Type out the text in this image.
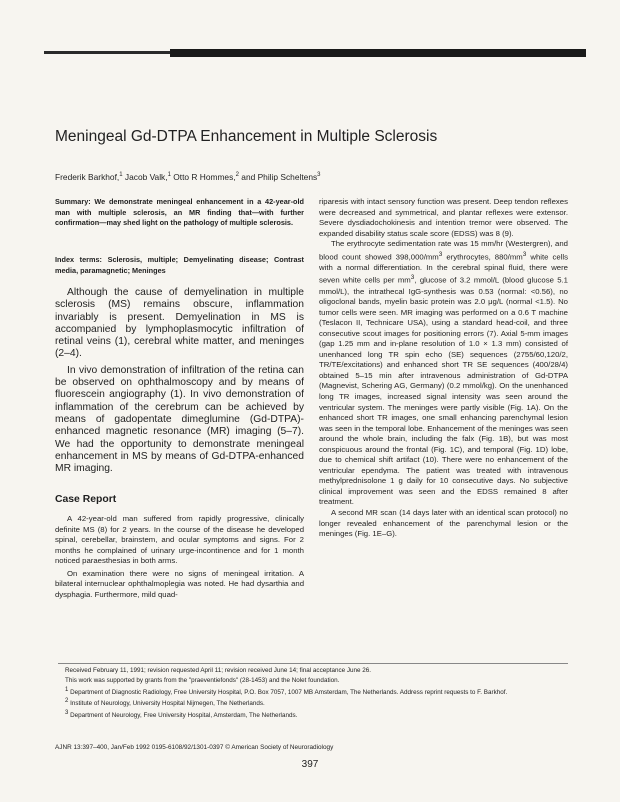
Meningeal Gd-DTPA Enhancement in Multiple Sclerosis
Frederik Barkhof,$^1$ Jacob Valk,$^1$ Otto R Hommes,$^2$ and Philip Scheltens$^3$

Summary: We demonstrate meningeal enhancement in a 42-year-old man with multiple sclerosis, an MR finding that—with further confirmation—may shed light on the pathology of multiple sclerosis.

Index terms: Sclerosis, multiple; Demyelinating disease; Contrast media, paramagnetic; Meninges

Although the cause of demyelination in multiple sclerosis (MS) remains obscure, inflammation invariably is present. Demyelination in MS is accompanied by lymphoplasmocytic infiltration of retinal veins (1), cerebral white matter, and meninges (2–4).

In vivo demonstration of infiltration of the retina can be observed on ophthalmoscopy and by means of fluorescein angiography (1). In vivo demonstration of inflammation of the cerebrum can be achieved by means of gadopentate dimeglumine (Gd-DTPA)-enhanced magnetic resonance (MR) imaging (5–7). We had the opportunity to demonstrate meningeal enhancement in MS by means of Gd-DTPA-enhanced MR imaging.

Case Report

A 42-year-old man suffered from rapidly progressive, clinically definite MS (8) for 2 years. In the course of the disease he developed spinal, cerebellar, brainstem, and ocular symptoms and signs. For 2 months he complained of urinary urge-incontinence and for 1 month noticed paraesthesias in both arms.

On examination there were no signs of meningeal irritation. A bilateral internuclear ophthalmoplegia was noted. He had dysarthia and dysphagia. Furthermore, mild quad-

riparesis with intact sensory function was present. Deep tendon reflexes were decreased and symmetrical, and plantar reflexes were extensor. Severe dysdiadochokinesis and intention tremor were observed. The expanded disability status scale score (EDSS) was 8 (9).

The erythrocyte sedimentation rate was 15 mm/hr (Westergren), and blood count showed $398,000/mm^3$ erythrocytes, $880/mm^3$ white cells with a normal differentiation. In the cerebral spinal fluid, there were seven white cells per $mm^3$, glucose of 3.2 mmol/L (blood glucose 5.1 mmol/L), the intrathecal IgG-synthesis was 0.53 (normal: <0.56), no oligoclonal bands, myelin basic protein was 2.0 μg/L (normal <1.5). No tumor cells were seen. MR imaging was performed on a 0.6 T machine (Teslacon II, Technicare USA), using a standard head-coil, and three consecutive scout images for positioning errors (7). Axial 5-mm images (gap 1.25 mm and in-plane resolution of 1.0 × 1.3 mm) consisted of unenhanced long TR spin echo (SE) sequences (2755/60,120/2, TR/TE/excitations) and enhanced short TR SE sequences (400/28/4) obtained 5–15 min after intravenous administration of Gd-DTPA (Magnevist, Schering AG, Germany) (0.2 mmol/kg). On the unenhanced long TR images, increased signal intensity was seen around the ventricular system. The meninges were partly visible (Fig. 1A). On the enhanced short TR images, one small enhancing parenchymal lesion was seen in the temporal lobe. Enhancement of the meninges was seen around the whole brain, including the falx (Fig. 1B), but was most conspicuous around the frontal (Fig. 1C), and temporal (Fig. 1D) lobe, due to chemical shift artifact (10). There were no enhancement of the ventricular ependyma. The patient was treated with intravenous methylprednisolone 1 g daily for 10 consecutive days. No subjective clinical improvement was seen and the EDSS remained 8 after treatment.

A second MR scan (14 days later with an identical scan protocol) no longer revealed enhancement of the parenchymal lesion or the meninges (Fig. 1E–G).

Received February 11, 1991; revision requested April 11; revision received June 14; final acceptance June 26.

This work was supported by grants from the "praeventiefonds" (28-1453) and the Nolet foundation.

$^1$ Department of Diagnostic Radiology, Free University Hospital, P.O. Box 7057, 1007 MB Amsterdam, The Netherlands. Address reprint requests to F. Barkhof.

$^2$ Institute of Neurology, University Hospital Nijmegen, The Netherlands.

$^3$ Department of Neurology, Free University Hospital, Amsterdam, The Netherlands.

AJNR 13:397–400, Jan/Feb 1992 0195-6108/92/1301-0397 © American Society of Neuroradiology
397
